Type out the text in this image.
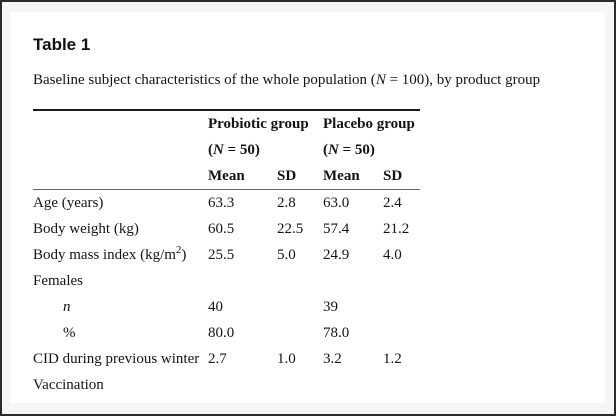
Table 1

Baseline subject characteristics of the whole population (N = 100), by product group

	Probiotic group		Placebo group	
	(N = 50)		(N = 50)	
	Mean	SD	Mean	SD
Age (years)	63.3	2.8	63.0	2.4
Body weight (kg)	60.5	22.5	57.4	21.2
Body mass index $(kg/m^2)$	25.5	5.0	24.9	4.0
Females				
n	40		39	
%	80.0		78.0	
CID during previous winter	2.7	1.0	3.2	1.2
Vaccination				
